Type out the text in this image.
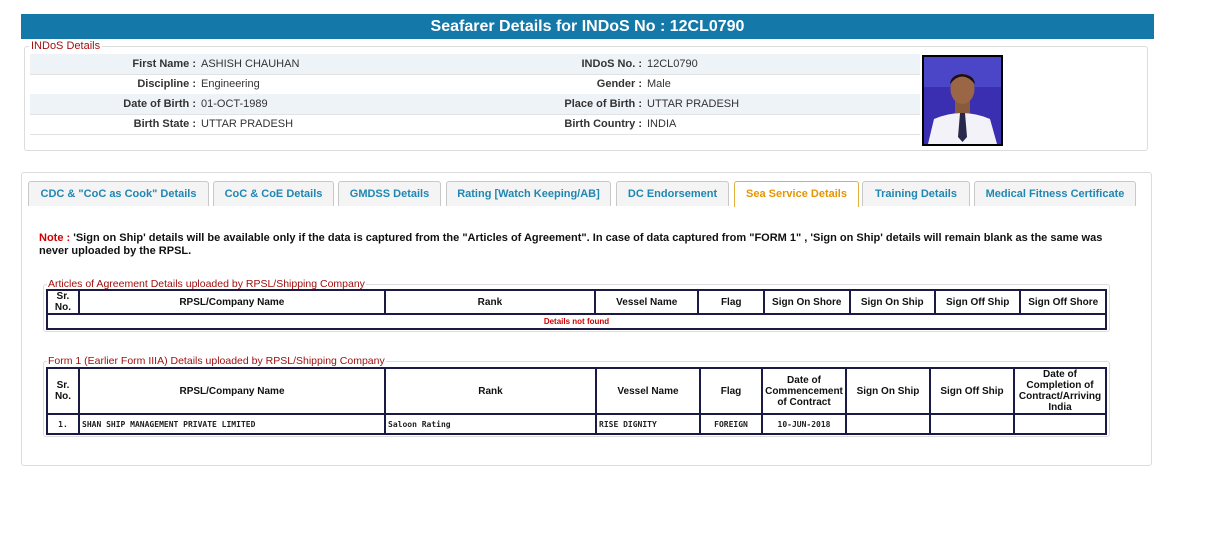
Seafarer Details for INDoS No : 12CL0790
INDoS Details
First Name : ASHISH CHAUHAN	INDoS No. : 12CL0790
Discipline : Engineering	Gender : Male
Date of Birth : 01-OCT-1989	Place of Birth : UTTAR PRADESH
Birth State : UTTAR PRADESH	Birth Country : INDIA
CDC & "CoC as Cook" Details	CoC & CoE Details	GMDSS Details	Rating [Watch Keeping/AB]	DC Endorsement	Sea Service Details	Training Details	Medical Fitness Certificate
Note : 'Sign on Ship' details will be available only if the data is captured from the "Articles of Agreement". In case of data captured from "FORM 1" , 'Sign on Ship' details will remain blank as the same was never uploaded by the RPSL.
Articles of Agreement Details uploaded by RPSL/Shipping Company
Sr. No.	RPSL/Company Name	Rank	Vessel Name	Flag	Sign On Shore	Sign On Ship	Sign Off Ship	Sign Off Shore
Details not found
Form 1 (Earlier Form IIIA) Details uploaded by RPSL/Shipping Company
Sr. No.	RPSL/Company Name	Rank	Vessel Name	Flag	Date of Commencement of Contract	Sign On Ship	Sign Off Ship	Date of Completion of Contract/Arriving India
1.	SHAN SHIP MANAGEMENT PRIVATE LIMITED	Saloon Rating	RISE DIGNITY	FOREIGN	10-JUN-2018			
